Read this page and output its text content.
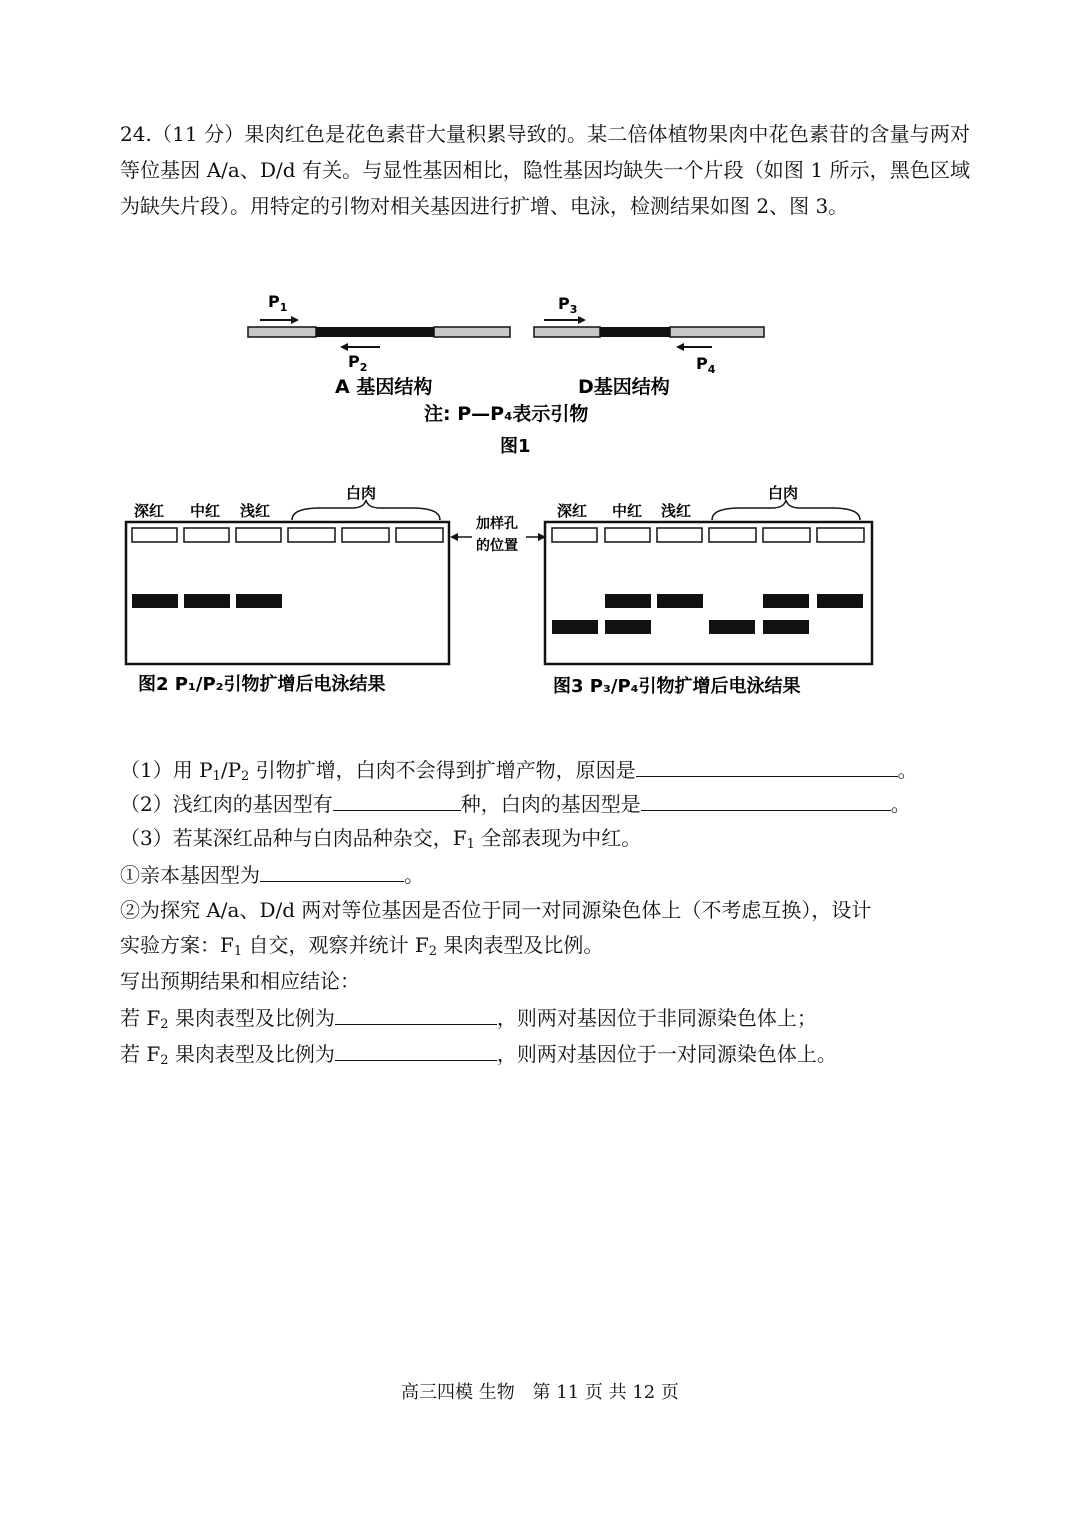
24.（11 分）果肉红色是花色素苷大量积累导致的。某二倍体植物果肉中花色素苷的含量与两对等位基因 A/a、D/d 有关。与显性基因相比，隐性基因均缺失一个片段（如图 1 所示，黑色区域为缺失片段）。用特定的引物对相关基因进行扩增、电泳，检测结果如图 2、图 3。
$P_1$
$P_2$
A 基因结构
$P_3$
$P_4$
D基因结构
注: P—P₄表示引物
图1
深红 中红 浅红
白肉
图2 P₁/P₂引物扩增后电泳结果
加样孔
的位置
深红 中红 浅红
白肉
图3 P₃/P₄引物扩增后电泳结果
（1）用 $P_1/P_2$ 引物扩增，白肉不会得到扩增产物，原因是	。
（2）浅红肉的基因型有	种，白肉的基因型是	。
（3）若某深红品种与白肉品种杂交，$F_1$ 全部表现为中红。
①亲本基因型为	。
②为探究 A/a、D/d 两对等位基因是否位于同一对同源染色体上（不考虑互换），设计
实验方案：$F_1$ 自交，观察并统计 $F_2$ 果肉表型及比例。
写出预期结果和相应结论：
若 $F_2$ 果肉表型及比例为	，则两对基因位于非同源染色体上；
若 $F_2$ 果肉表型及比例为	，则两对基因位于一对同源染色体上。
高三四模 生物 第 11 页 共 12 页
